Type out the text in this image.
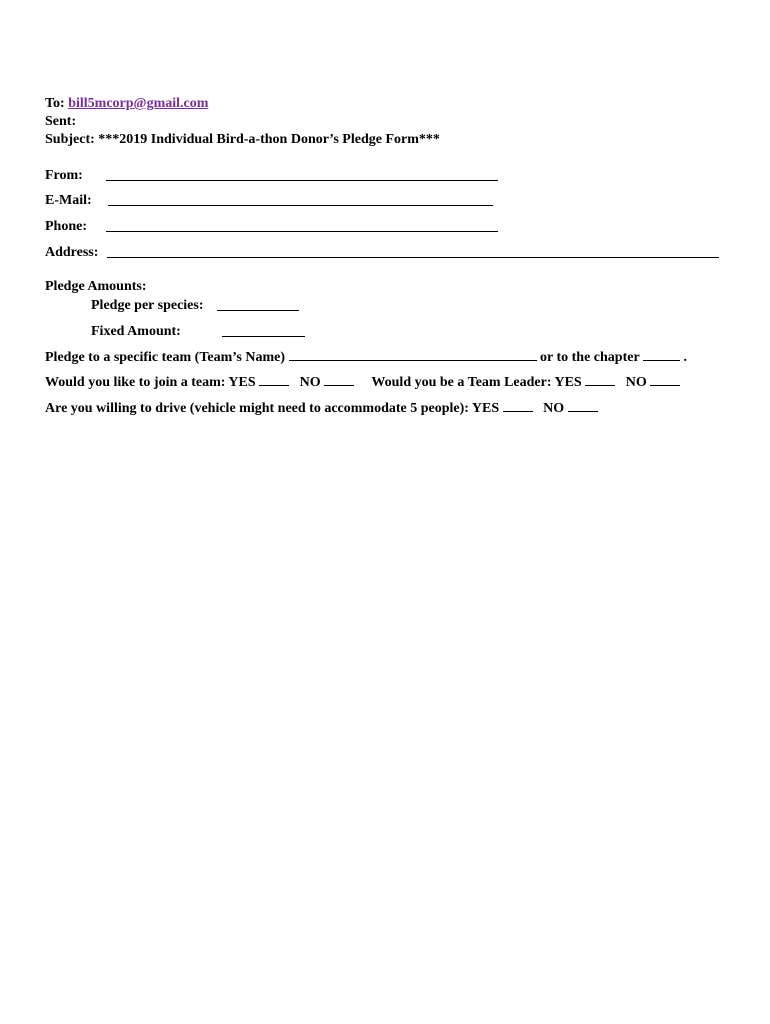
To: bill5mcorp@gmail.com
Sent:
Subject: ***2019 Individual Bird-a-thon Donor’s Pledge Form***
From:
E-Mail:
Phone:
Address:
Pledge Amounts:
Pledge per species:
Fixed Amount:
Pledge to a specific team (Team’s Name)	or to the chapter	.
Would you like to join a team: YES	NO	Would you be a Team Leader: YES	NO
Are you willing to drive (vehicle might need to accommodate 5 people): YES	NO
